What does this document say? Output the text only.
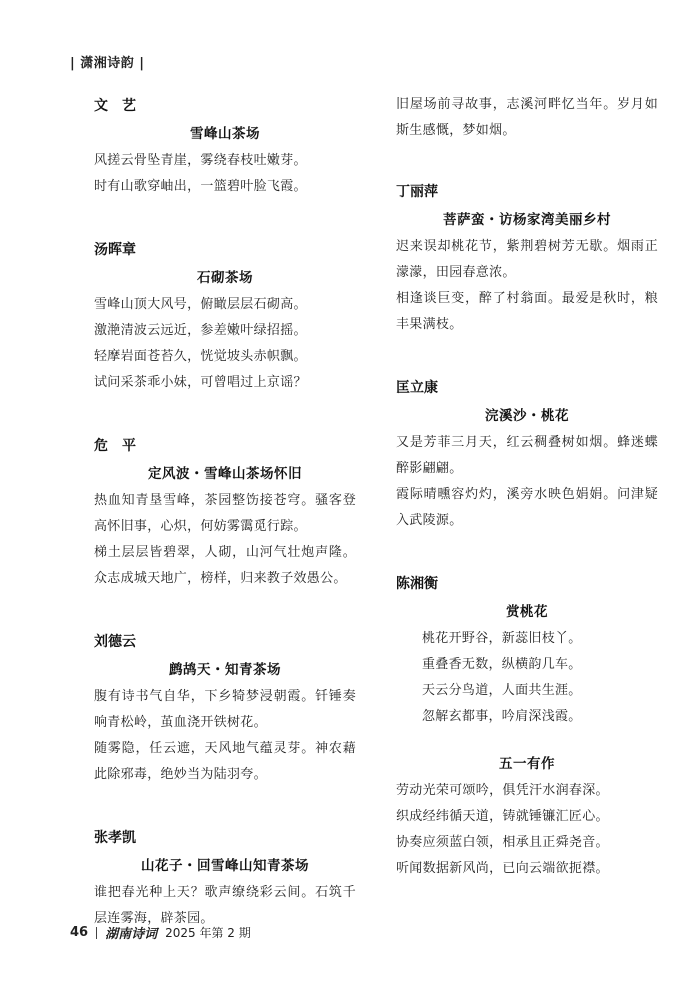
| 潇湘诗韵 |
文　艺
雪峰山茶场
风搓云骨坠青崖，雾绕春枝吐嫩芽。
时有山歌穿岫出，一篮碧叶脸飞霞。
汤晖章
石砌茶场
雪峰山顶大风号，俯瞰层层石砌高。
激滟清波云远近，参差嫩叶绿招摇。
轻摩岩面苍苔久，恍觉坡头赤帜飘。
试问采茶乖小妹，可曾唱过上京谣？
危　平
定风波・雪峰山茶场怀旧
热血知青垦雪峰，茶园整饬接苍穹。骚客登高怀旧事，心炽，何妨雾霭觅行踪。
梯土层层皆碧翠，人砌，山河气壮炮声隆。众志成城天地广，榜样，归来教子效愚公。
刘德云
鹧鸪天・知青茶场
腹有诗书气自华，下乡犄梦浸朝霞。钎锤奏响青松岭，茧血浇开铁树花。
随雾隐，任云遮，天风地气蕴灵芽。神农藉此除邪毒，绝妙当为陆羽夸。
张孝凯
山花子・回雪峰山知青茶场
谁把春光种上天？歌声缭绕彩云间。石筑千层连雾海，辟茶园。
旧屋场前寻故事，志溪河畔忆当年。岁月如斯生感慨，梦如烟。
丁丽萍
菩萨蛮・访杨家湾美丽乡村
迟来误却桃花节，紫荆碧树芳无歇。烟雨正濛濛，田园春意浓。
相逢谈巨变，醉了村翁面。最爱是秋时，粮丰果满枝。
匡立康
浣溪沙・桃花
又是芳菲三月天，红云稠叠树如烟。蜂迷蝶醉影翩翩。
霞际晴曛容灼灼，溪旁水映色娟娟。问津疑入武陵源。
陈湘衡
赏桃花
桃花开野谷，新蕊旧枝丫。
重叠香无数，纵横韵几车。
天云分鸟道，人面共生涯。
忽解玄都事，吟肩深浅霞。
五一有作
劳动光荣可颂吟，俱凭汗水润春深。
织成经纬循天道，铸就锤镰汇匠心。
协奏应须蓝白领，相承且正舜尧音。
听闻数据新风尚，已向云端欲扼襟。
46 湖南诗词 2025 年第 2 期
